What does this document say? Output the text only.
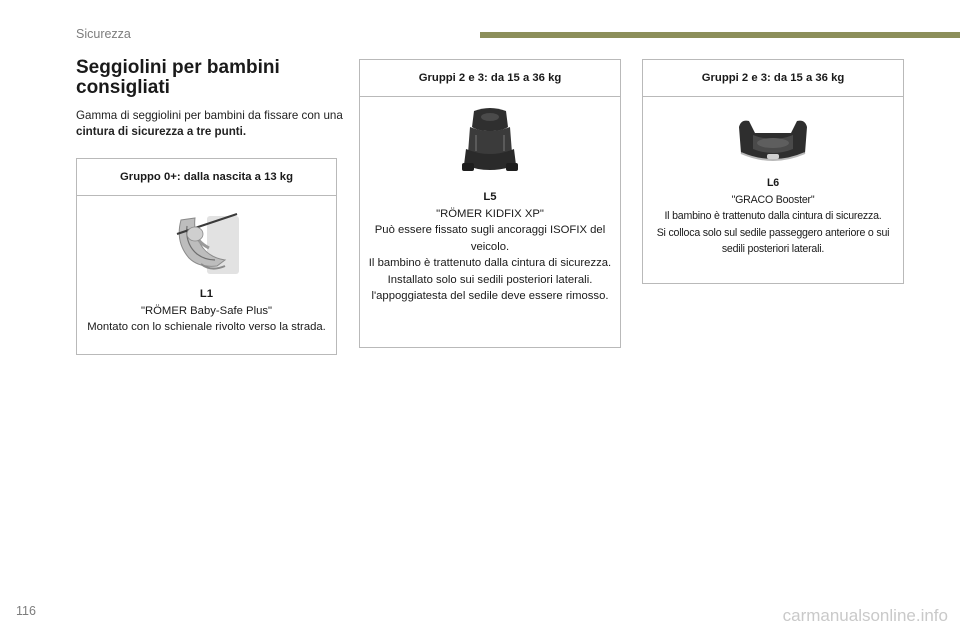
Sicurezza
Seggiolini per bambini
consigliati
Gamma di seggiolini per bambini da fissare con una cintura di sicurezza a tre punti.
Gruppo 0+: dalla nascita a 13 kg
L1
"RÖMER Baby-Safe Plus"
Montato con lo schienale rivolto verso la strada.
Gruppi 2 e 3: da 15 a 36 kg
L5
"RÖMER KIDFIX XP"
Può essere fissato sugli ancoraggi ISOFIX del veicolo.
Il bambino è trattenuto dalla cintura di sicurezza.
Installato solo sui sedili posteriori laterali.
l'appoggiatesta del sedile deve essere rimosso.
Gruppi 2 e 3: da 15 a 36 kg
L6
"GRACO Booster"
Il bambino è trattenuto dalla cintura di sicurezza.
Si colloca solo sul sedile passeggero anteriore o sui sedili posteriori laterali.
116	carmanualsonline.info
